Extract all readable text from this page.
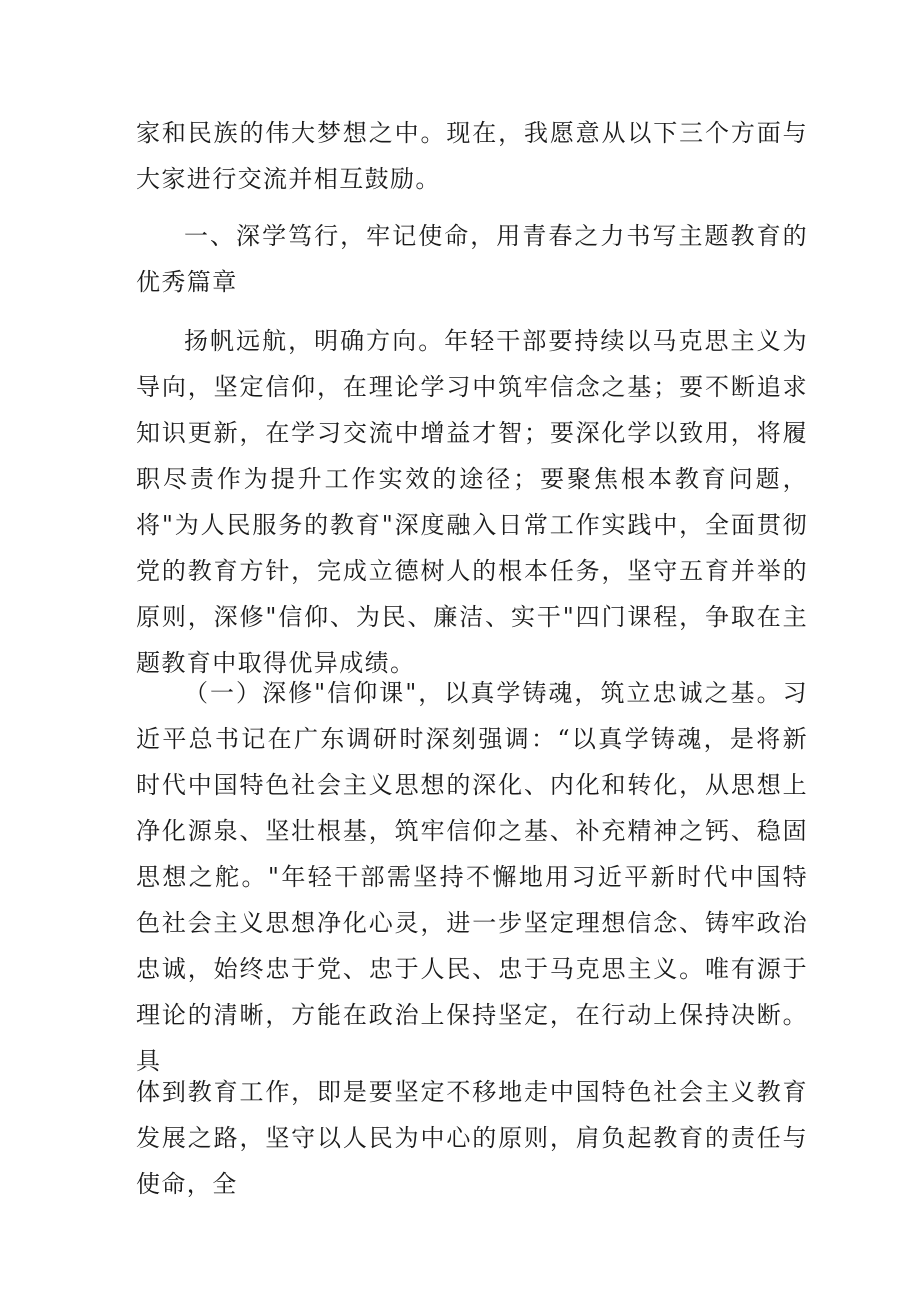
家和民族的伟大梦想之中。现在，我愿意从以下三个方面与大家进行交流并相互鼓励。

一、深学笃行，牢记使命，用青春之力书写主题教育的优秀篇章

扬帆远航，明确方向。年轻干部要持续以马克思主义为导向，坚定信仰，在理论学习中筑牢信念之基；要不断追求知识更新，在学习交流中增益才智；要深化学以致用，将履职尽责作为提升工作实效的途径；要聚焦根本教育问题，将"为人民服务的教育"深度融入日常工作实践中，全面贯彻党的教育方针，完成立德树人的根本任务，坚守五育并举的原则，深修"信仰、为民、廉洁、实干"四门课程，争取在主题教育中取得优异成绩。

（一）深修"信仰课"，以真学铸魂，筑立忠诚之基。习近平总书记在广东调研时深刻强调：“以真学铸魂，是将新时代中国特色社会主义思想的深化、内化和转化，从思想上净化源泉、坚壮根基，筑牢信仰之基、补充精神之钙、稳固思想之舵。"年轻干部需坚持不懈地用习近平新时代中国特色社会主义思想净化心灵，进一步坚定理想信念、铸牢政治忠诚，始终忠于党、忠于人民、忠于马克思主义。唯有源于理论的清晰，方能在政治上保持坚定，在行动上保持决断。具

体到教育工作，即是要坚定不移地走中国特色社会主义教育发展之路，坚守以人民为中心的原则，肩负起教育的责任与使命，全
